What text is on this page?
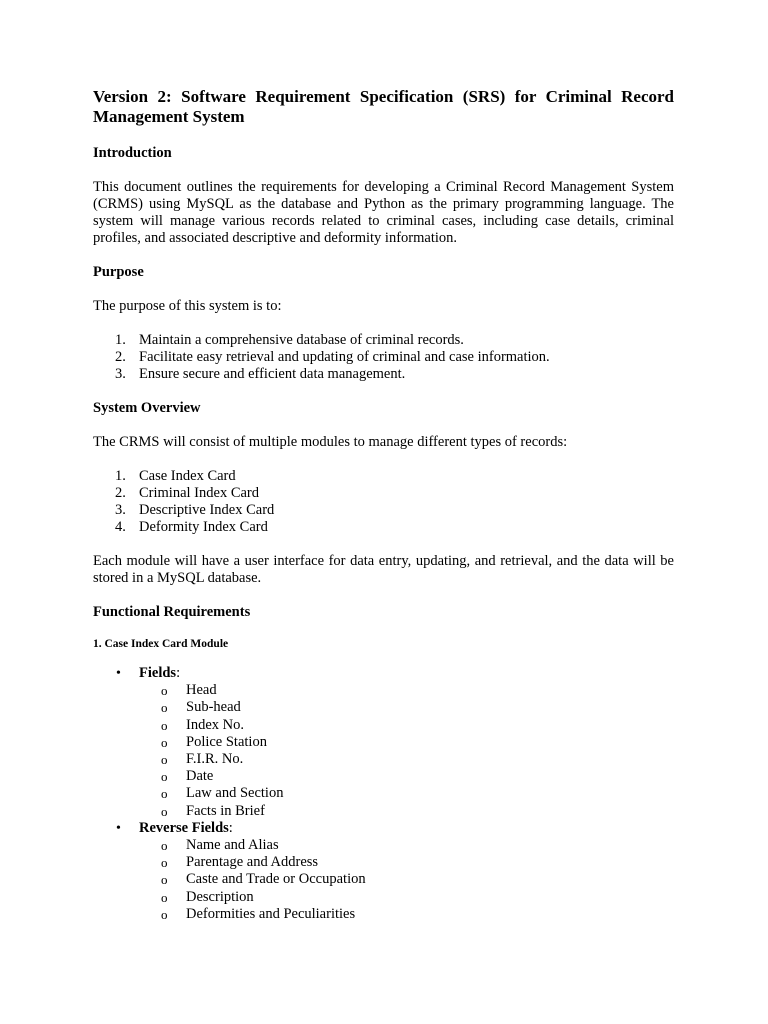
Version 2: Software Requirement Specification (SRS) for Criminal Record Management System
Introduction

This document outlines the requirements for developing a Criminal Record Management System (CRMS) using MySQL as the database and Python as the primary programming language. The system will manage various records related to criminal cases, including case details, criminal profiles, and associated descriptive and deformity information.

Purpose

The purpose of this system is to:

1. Maintain a comprehensive database of criminal records.
2. Facilitate easy retrieval and updating of criminal and case information.
3. Ensure secure and efficient data management.
System Overview

The CRMS will consist of multiple modules to manage different types of records:

1. Case Index Card
2. Criminal Index Card
3. Descriptive Index Card
4. Deformity Index Card

Each module will have a user interface for data entry, updating, and retrieval, and the data will be stored in a MySQL database.

Functional Requirements
1. Case Index Card Module
• Fields:
o Head
o Sub-head
o Index No.
o Police Station
o F.I.R. No.
o Date
o Law and Section
o Facts in Brief
• Reverse Fields:
o Name and Alias
o Parentage and Address
o Caste and Trade or Occupation
o Description
o Deformities and Peculiarities
